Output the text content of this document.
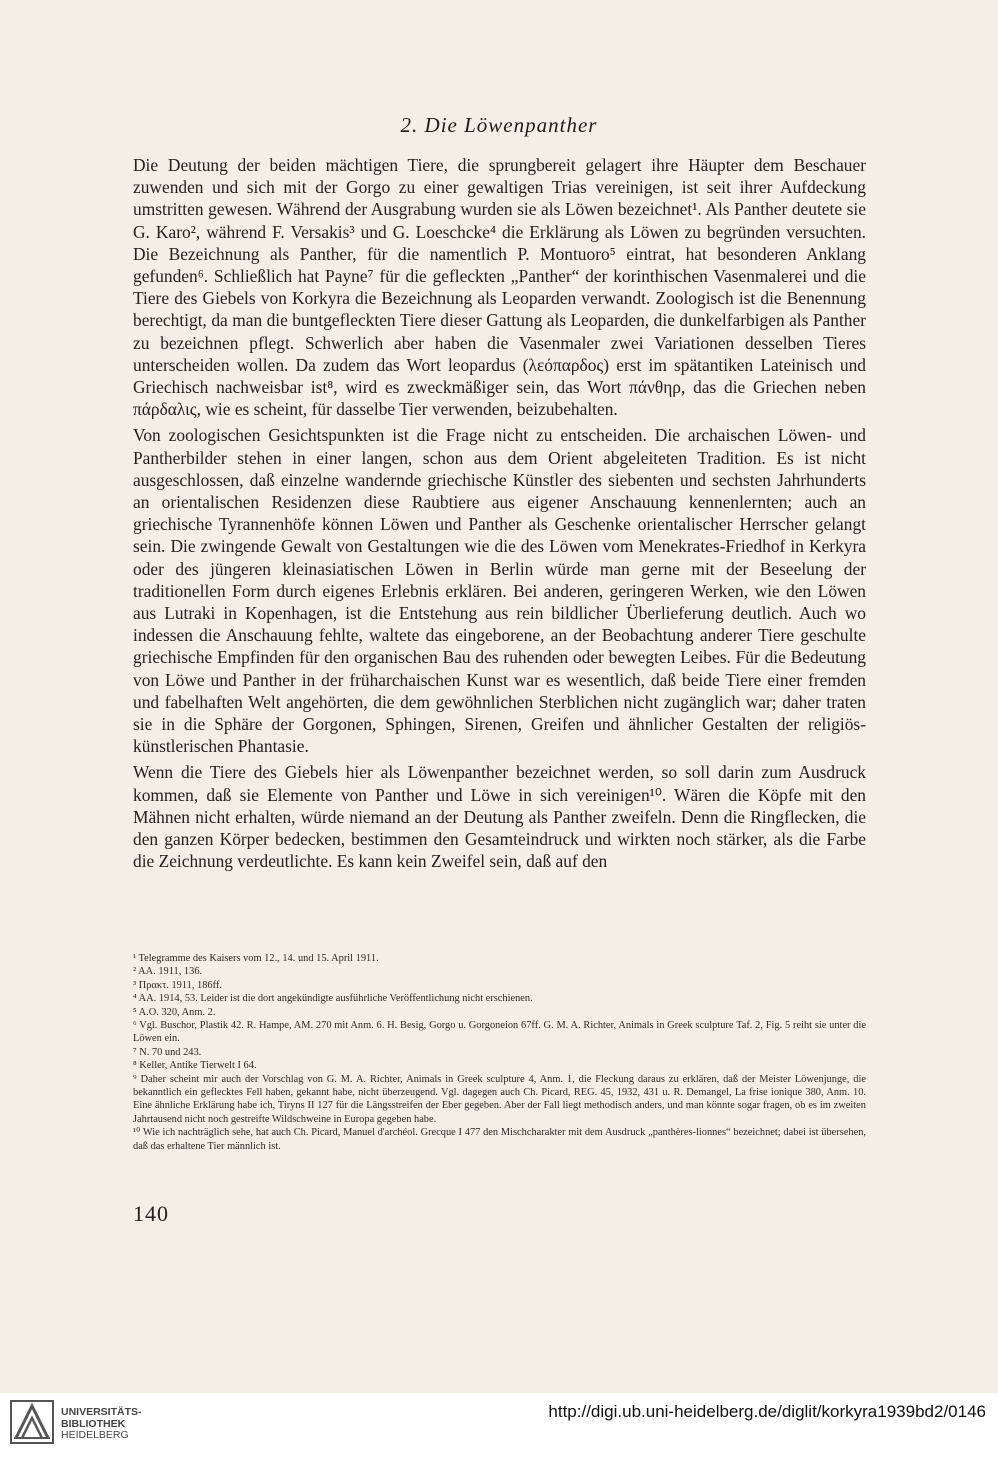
2. Die Löwenpanther

Die Deutung der beiden mächtigen Tiere, die sprungbereit gelagert ihre Häupter dem Beschauer zuwenden und sich mit der Gorgo zu einer gewaltigen Trias vereinigen, ist seit ihrer Aufdeckung umstritten gewesen. Während der Ausgrabung wurden sie als Löwen bezeichnet¹. Als Panther deutete sie G. Karo², während F. Versakis³ und G. Loeschcke⁴ die Erklärung als Löwen zu begründen versuchten. Die Bezeichnung als Panther, für die namentlich P. Montuoro⁵ eintrat, hat besonderen Anklang gefunden⁶. Schließlich hat Payne⁷ für die gefleckten „Panther“ der korinthischen Vasenmalerei und die Tiere des Giebels von Korkyra die Bezeichnung als Leoparden verwandt. Zoologisch ist die Benennung berechtigt, da man die buntgefleckten Tiere dieser Gattung als Leoparden, die dunkelfarbigen als Panther zu bezeichnen pflegt. Schwerlich aber haben die Vasenmaler zwei Variationen desselben Tieres unterscheiden wollen. Da zudem das Wort leopardus (λεόπαρδος) erst im spätantiken Lateinisch und Griechisch nachweisbar ist⁸, wird es zweckmäßiger sein, das Wort πάνθηρ, das die Griechen neben πάρδαλις, wie es scheint, für dasselbe Tier verwenden, beizubehalten.

Von zoologischen Gesichtspunkten ist die Frage nicht zu entscheiden. Die archaischen Löwen- und Pantherbilder stehen in einer langen, schon aus dem Orient abgeleiteten Tradition. Es ist nicht ausgeschlossen, daß einzelne wandernde griechische Künstler des siebenten und sechsten Jahrhunderts an orientalischen Residenzen diese Raubtiere aus eigener Anschauung kennenlernten; auch an griechische Tyrannenhöfe können Löwen und Panther als Geschenke orientalischer Herrscher gelangt sein. Die zwingende Gewalt von Gestaltungen wie die des Löwen vom Menekrates-Friedhof in Kerkyra oder des jüngeren kleinasiatischen Löwen in Berlin würde man gerne mit der Beseelung der traditionellen Form durch eigenes Erlebnis erklären. Bei anderen, geringeren Werken, wie den Löwen aus Lutraki in Kopenhagen, ist die Entstehung aus rein bildlicher Überlieferung deutlich. Auch wo indessen die Anschauung fehlte, waltete das eingeborene, an der Beobachtung anderer Tiere geschulte griechische Empfinden für den organischen Bau des ruhenden oder bewegten Leibes. Für die Bedeutung von Löwe und Panther in der früharchaischen Kunst war es wesentlich, daß beide Tiere einer fremden und fabelhaften Welt angehörten, die dem gewöhnlichen Sterblichen nicht zugänglich war; daher traten sie in die Sphäre der Gorgonen, Sphingen, Sirenen, Greifen und ähnlicher Gestalten der religiös-künstlerischen Phantasie.

Wenn die Tiere des Giebels hier als Löwenpanther bezeichnet werden, so soll darin zum Ausdruck kommen, daß sie Elemente von Panther und Löwe in sich vereinigen¹⁰. Wären die Köpfe mit den Mähnen nicht erhalten, würde niemand an der Deutung als Panther zweifeln. Denn die Ringflecken, die den ganzen Körper bedecken, bestimmen den Gesamteindruck und wirkten noch stärker, als die Farbe die Zeichnung verdeutlichte. Es kann kein Zweifel sein, daß auf den

¹ Telegramme des Kaisers vom 12., 14. und 15. April 1911.

² AA. 1911, 136.

³ Πρακτ. 1911, 186ff.

⁴ AA. 1914, 53. Leider ist die dort angekündigte ausführliche Veröffentlichung nicht erschienen.

⁵ A.O. 320, Anm. 2.

⁶ Vgl. Buschor, Plastik 42. R. Hampe, AM. 270 mit Anm. 6. H. Besig, Gorgo u. Gorgoneion 67ff. G. M. A. Richter, Animals in Greek sculpture Taf. 2, Fig. 5 reiht sie unter die Löwen ein.

⁷ N. 70 und 243.

⁸ Keller, Antike Tierwelt I 64.

⁹ Daher scheint mir auch der Vorschlag von G. M. A. Richter, Animals in Greek sculpture 4, Anm. 1, die Fleckung daraus zu erklären, daß der Meister Löwenjunge, die bekanntlich ein geflecktes Fell haben, gekannt habe, nicht überzeugend. Vgl. dagegen auch Ch. Picard, REG. 45, 1932, 431 u. R. Demangel, La frise ionique 380, Anm. 10. Eine ähnliche Erklärung habe ich, Tiryns II 127 für die Längsstreifen der Eber gegeben. Aber der Fall liegt methodisch anders, und man könnte sogar fragen, ob es im zweiten Jahrtausend nicht noch gestreifte Wildschweine in Europa gegeben habe.

¹⁰ Wie ich nachträglich sehe, hat auch Ch. Picard, Manuel d'archéol. Grecque I 477 den Mischcharakter mit dem Ausdruck „panthères-lionnes“ bezeichnet; dabei ist übersehen, daß das erhaltene Tier männlich ist.

140
UNIVERSITÄTS-
BIBLIOTHEK
HEIDELBERG
http://digi.ub.uni-heidelberg.de/diglit/korkyra1939bd2/0146
